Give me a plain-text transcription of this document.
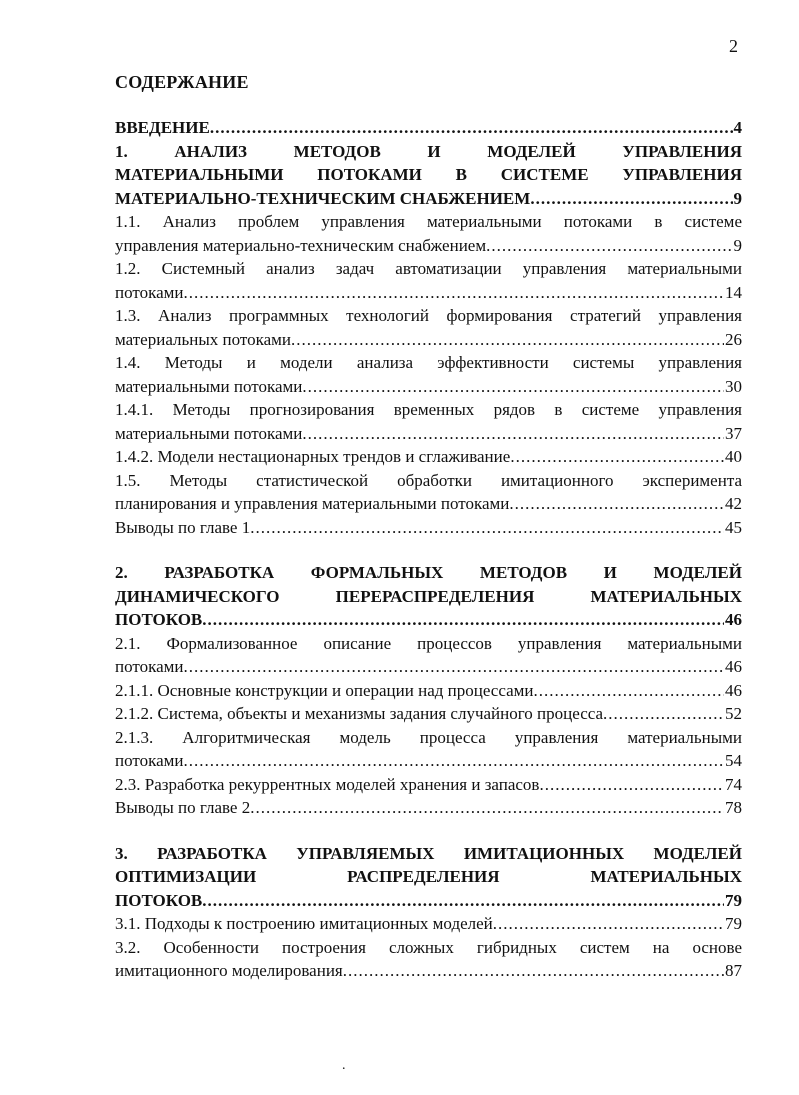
2
СОДЕРЖАНИЕ
ВВЕДЕНИЕ .....	4
1. АНАЛИЗ МЕТОДОВ И МОДЕЛЕЙ УПРАВЛЕНИЯ
МАТЕРИАЛЬНЫМИ ПОТОКАМИ В СИСТЕМЕ УПРАВЛЕНИЯ
МАТЕРИАЛЬНО-ТЕХНИЧЕСКИМ СНАБЖЕНИЕМ .....	9
1.1. Анализ проблем управления материальными потоками в системе
управления материально-техническим снабжением .....	9
1.2. Системный анализ задач автоматизации управления материальными
потоками .....	14
1.3. Анализ программных технологий формирования стратегий управления
материальных потоками .....	26
1.4. Методы и модели анализа эффективности системы управления
материальными потоками .....	30
1.4.1. Методы прогнозирования временных рядов в системе управления
материальными потоками .....	37
1.4.2. Модели нестационарных трендов и сглаживание .....	40
1.5. Методы статистической обработки имитационного эксперимента
планирования и управления материальными потоками .....	42
Выводы по главе 1 .....	45
2. РАЗРАБОТКА ФОРМАЛЬНЫХ МЕТОДОВ И МОДЕЛЕЙ
ДИНАМИЧЕСКОГО ПЕРЕРАСПРЕДЕЛЕНИЯ МАТЕРИАЛЬНЫХ
ПОТОКОВ .....	46
2.1. Формализованное описание процессов управления материальными
потоками .....	46
2.1.1. Основные конструкции и операции над процессами .....	46
2.1.2. Система, объекты и механизмы задания случайного процесса .....	52
2.1.3. Алгоритмическая модель процесса управления материальными
потоками .....	54
2.3. Разработка рекуррентных моделей хранения и запасов .....	74
Выводы по главе 2 .....	78
3. РАЗРАБОТКА УПРАВЛЯЕМЫХ ИМИТАЦИОННЫХ МОДЕЛЕЙ
ОПТИМИЗАЦИИ РАСПРЕДЕЛЕНИЯ МАТЕРИАЛЬНЫХ
ПОТОКОВ .....	79
3.1. Подходы к построению имитационных моделей .....	79
3.2. Особенности построения сложных гибридных систем на основе
имитационного моделирования .....	87
.
